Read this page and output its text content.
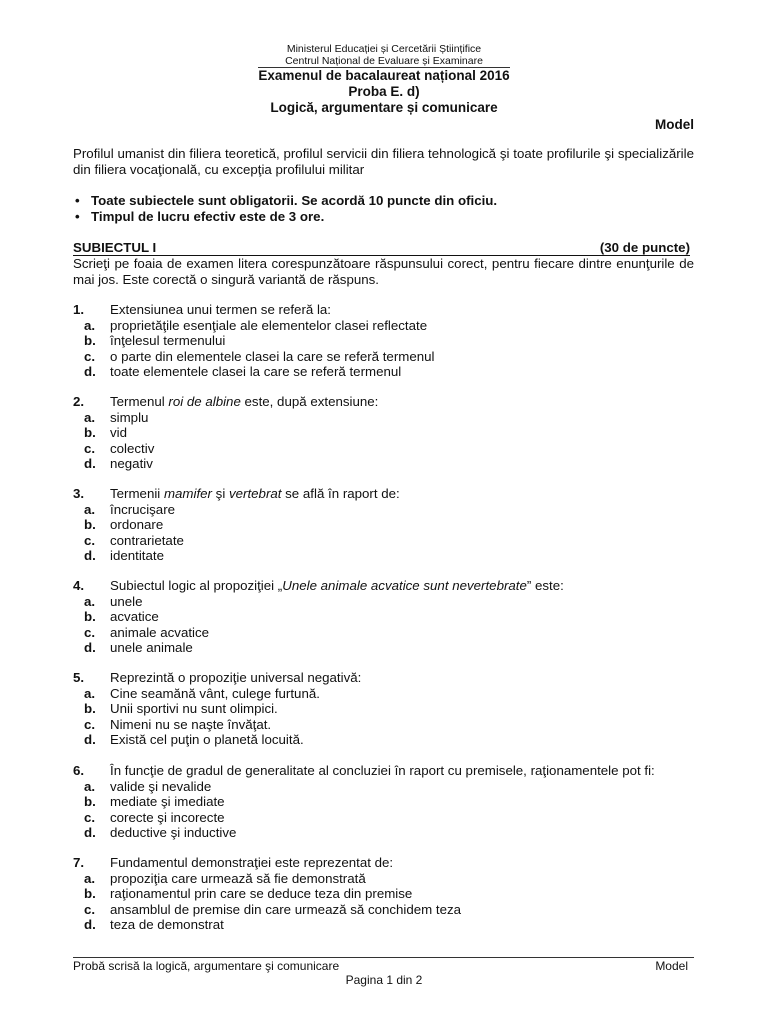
Ministerul Educației și Cercetării Științifice
Centrul Național de Evaluare și Examinare
Examenul de bacalaureat național 2016
Proba E. d)
Logică, argumentare și comunicare
Model
Profilul umanist din filiera teoretică, profilul servicii din filiera tehnologică şi toate profilurile şi specializările din filiera vocaţională, cu excepţia profilului militar
• Toate subiectele sunt obligatorii. Se acordă 10 puncte din oficiu.
• Timpul de lucru efectiv este de 3 ore.
SUBIECTUL I	(30 de puncte)
Scrieţi pe foaia de examen litera corespunzătoare răspunsului corect, pentru fiecare dintre enunţurile de mai jos. Este corectă o singură variantă de răspuns.
1. Extensiunea unui termen se referă la:
a. proprietăţile esenţiale ale elementelor clasei reflectate
b. înţelesul termenului
c. o parte din elementele clasei la care se referă termenul
d. toate elementele clasei la care se referă termenul
2. Termenul roi de albine este, după extensiune:
a. simplu
b. vid
c. colectiv
d. negativ
3. Termenii mamifer şi vertebrat se află în raport de:
a. încrucişare
b. ordonare
c. contrarietate
d. identitate
4. Subiectul logic al propoziţiei „Unele animale acvatice sunt nevertebrate” este:
a. unele
b. acvatice
c. animale acvatice
d. unele animale
5. Reprezintă o propoziţie universal negativă:
a. Cine seamănă vânt, culege furtună.
b. Unii sportivi nu sunt olimpici.
c. Nimeni nu se naşte învăţat.
d. Există cel puţin o planetă locuită.
6. În funcţie de gradul de generalitate al concluziei în raport cu premisele, raţionamentele pot fi:
a. valide şi nevalide
b. mediate şi imediate
c. corecte şi incorecte
d. deductive şi inductive
7. Fundamentul demonstraţiei este reprezentat de:
a. propoziţia care urmează să fie demonstrată
b. raţionamentul prin care se deduce teza din premise
c. ansamblul de premise din care urmează să conchidem teza
d. teza de demonstrat
Probă scrisă la logică, argumentare şi comunicare	Model
Pagina 1 din 2
